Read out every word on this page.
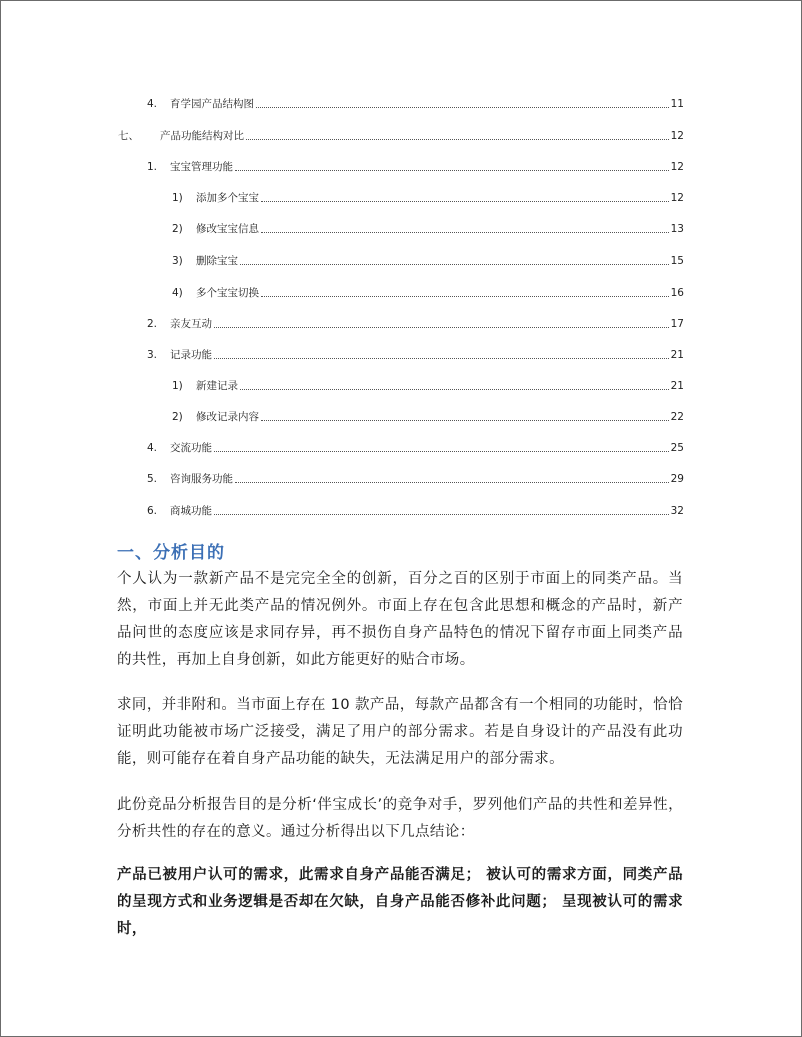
4.	育学园产品结构图	11
七、	产品功能结构对比	12
1.	宝宝管理功能	12
1)	添加多个宝宝	12
2)	修改宝宝信息	13
3)	删除宝宝	15
4)	多个宝宝切换	16
2.	亲友互动	17
3.	记录功能	21
1)	新建记录	21
2)	修改记录内容	22
4.	交流功能	25
5.	咨询服务功能	29
6.	商城功能	32
一、分析目的

个人认为一款新产品不是完完全全的创新，百分之百的区别于市面上的同类产品。当然，市面上并无此类产品的情况例外。市面上存在包含此思想和概念的产品时，新产品问世的态度应该是求同存异，再不损伤自身产品特色的情况下留存市面上同类产品的共性，再加上自身创新，如此方能更好的贴合市场。

求同，并非附和。当市面上存在 10 款产品，每款产品都含有一个相同的功能时，恰恰证明此功能被市场广泛接受，满足了用户的部分需求。若是自身设计的产品没有此功能，则可能存在着自身产品功能的缺失，无法满足用户的部分需求。

此份竞品分析报告目的是分析‘伴宝成长’的竞争对手，罗列他们产品的共性和差异性，分析共性的存在的意义。通过分析得出以下几点结论：

产品已被用户认可的需求，此需求自身产品能否满足； 被认可的需求方面，同类产品的呈现方式和业务逻辑是否却在欠缺，自身产品能否修补此问题； 呈现被认可的需求时，
